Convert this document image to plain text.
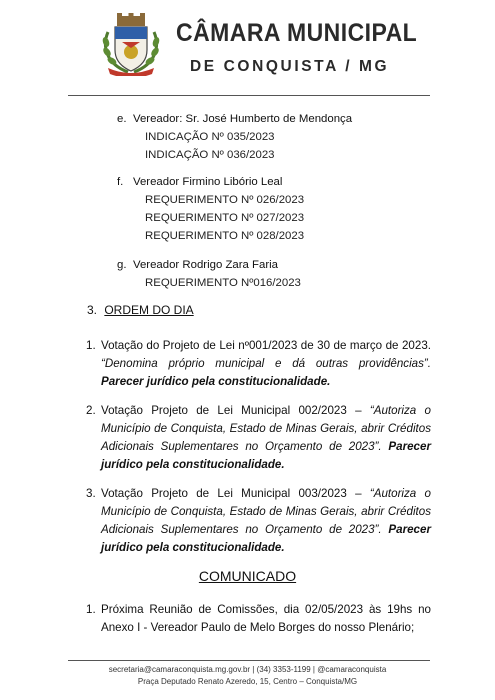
CÂMARA MUNICIPAL
DE CONQUISTA / MG
e. Vereador: Sr. José Humberto de Mendonça
INDICAÇÃO Nº 035/2023
INDICAÇÃO Nº 036/2023
f. Vereador Firmino Libório Leal
REQUERIMENTO Nº 026/2023
REQUERIMENTO Nº 027/2023
REQUERIMENTO Nº 028/2023
g. Vereador Rodrigo Zara Faria
REQUERIMENTO Nº016/2023
3. ORDEM DO DIA
1. Votação do Projeto de Lei nº001/2023 de 30 de março de 2023. “Denomina próprio municipal e dá outras providências”. Parecer jurídico pela constitucionalidade.
2. Votação Projeto de Lei Municipal 002/2023 – “Autoriza o Município de Conquista, Estado de Minas Gerais, abrir Créditos Adicionais Suplementares no Orçamento de 2023”. Parecer jurídico pela constitucionalidade.
3. Votação Projeto de Lei Municipal 003/2023 – “Autoriza o Município de Conquista, Estado de Minas Gerais, abrir Créditos Adicionais Suplementares no Orçamento de 2023”. Parecer jurídico pela constitucionalidade.
COMUNICADO
1. Próxima Reunião de Comissões, dia 02/05/2023 às 19hs no Anexo I - Vereador Paulo de Melo Borges do nosso Plenário;
secretaria@camaraconquista.mg.gov.br | (34) 3353-1199 | @camaraconquista
Praça Deputado Renato Azeredo, 15, Centro – Conquista/MG
